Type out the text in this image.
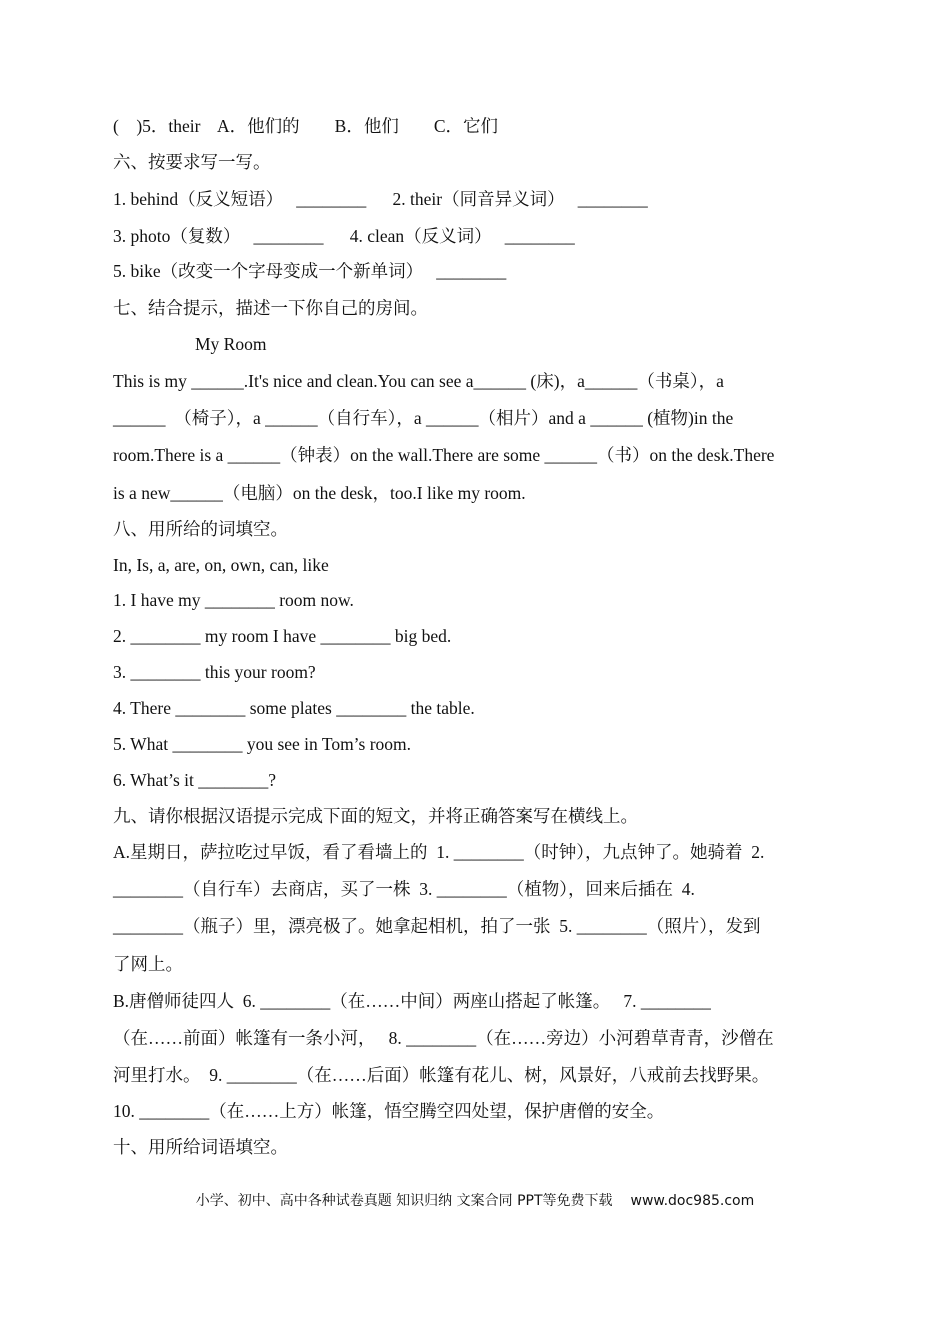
(    )5．their    A．他们的        B．他们        C．它们
六、按要求写一写。
1. behind（反义短语）   ________      2. their（同音异义词）   ________
3. photo（复数）   ________      4. clean（反义词）   ________
5. bike（改变一个字母变成一个新单词）   ________
七、结合提示，描述一下你自己的房间。
My Room
This is my ______.It's nice and clean.You can see a______ (床)，a______（书桌），a
______  （椅子），a ______（自行车），a ______（相片）and a ______ (植物)in the
room.There is a ______（钟表）on the wall.There are some ______（书）on the desk.There
is a new______（电脑）on the desk，too.I like my room.
八、用所给的词填空。
In, Is, a, are, on, own, can, like
1. I have my ________ room now.
2. ________ my room I have ________ big bed.
3. ________ this your room?
4. There ________ some plates ________ the table.
5. What ________ you see in Tom’s room.
6. What’s it ________?
九、请你根据汉语提示完成下面的短文，并将正确答案写在横线上。
A.星期日，萨拉吃过早饭，看了看墙上的  1. ________（时钟），九点钟了。她骑着  2.
________（自行车）去商店，买了一株  3. ________（植物），回来后插在  4.
________（瓶子）里，漂亮极了。她拿起相机，拍了一张  5. ________（照片），发到
了网上。
B.唐僧师徒四人  6. ________（在……中间）两座山搭起了帐篷。   7. ________
（在……前面）帐篷有一条小河，   8. ________（在……旁边）小河碧草青青，沙僧在
河里打水。  9. ________（在……后面）帐篷有花儿、树，风景好，八戒前去找野果。
10. ________（在……上方）帐篷，悟空腾空四处望，保护唐僧的安全。
十、用所给词语填空。
小学、初中、高中各种试卷真题 知识归纳 文案合同 PPT等免费下载 www.doc985.com
